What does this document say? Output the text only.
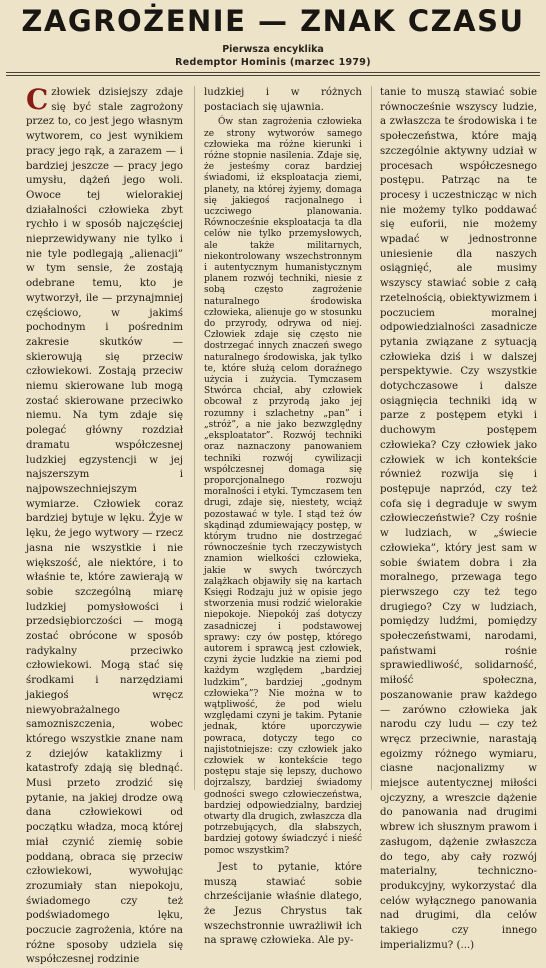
ZAGROŻENIE — ZNAK CZASU
Pierwsza encyklika
Redemptor Hominis (marzec 1979)

Człowiek dzisiejszy zdaje się być stale zagrożony przez to, co jest jego własnym wytworem, co jest wynikiem pracy jego rąk, a zarazem — i bardziej jeszcze — pracy jego umysłu, dążeń jego woli. Owoce tej wielorakiej działalności człowieka zbyt rychło i w sposób najczęściej nieprzewidywany nie tylko i nie tyle podlegają „alienacji” w tym sensie, że zostają odebrane temu, kto je wytworzył, ile — przynajmniej częściowo, w jakimś pochodnym i pośrednim zakresie skutków — skierowują się przeciw człowiekowi. Zostają przeciw niemu skierowane lub mogą zostać skierowane przeciwko niemu. Na tym zdaje się polegać główny rozdział dramatu współczesnej ludzkiej egzystencji w jej najszerszym i najpowszechniejszym wymiarze. Człowiek coraz bardziej bytuje w lęku. Żyje w lęku, że jego wytwory — rzecz jasna nie wszystkie i nie większość, ale niektóre, i to właśnie te, które zawierają w sobie szczególną miarę ludzkiej pomysłowości i przedsiębiorczości — mogą zostać obrócone w sposób radykalny przeciwko człowiekowi. Mogą stać się środkami i narzędziami jakiegoś wręcz niewyobrażalnego samozniszczenia, wobec którego wszystkie znane nam z dziejów kataklizmy i katastrofy zdają się blednąć. Musi przeto zrodzić się pytanie, na jakiej drodze ową dana człowiekowi od początku władza, mocą której miał czynić ziemię sobie poddaną, obraca się przeciw człowiekowi, wywołując zrozumiały stan niepokoju, świadomego czy też podświadomego lęku, poczucie zagrożenia, które na różne sposoby udziela się współczesnej rodzinie

ludzkiej i w różnych postaciach się ujawnia.

Ów stan zagrożenia człowieka ze strony wytworów samego człowieka ma różne kierunki i różne stopnie nasilenia. Zdaje się, że jesteśmy coraz bardziej świadomi, iż eksploatacja ziemi, planety, na której żyjemy, domaga się jakiegoś racjonalnego i uczciwego planowania. Równocześnie eksploatacja ta dla celów nie tylko przemysłowych, ale także militarnych, niekontrolowany wszechstronnym i autentycznym humanistycznym planem rozwój techniki, niesie z sobą często zagrożenie naturalnego środowiska człowieka, alienuje go w stosunku do przyrody, odrywa od niej. Człowiek zdaje się często nie dostrzegać innych znaczeń swego naturalnego środowiska, jak tylko te, które służą celom doraźnego użycia i zużycia. Tymczasem Stwórca chciał, aby człowiek obcował z przyrodą jako jej rozumny i szlachetny „pan” i „stróż”, a nie jako bezwzględny „eksploatator”. Rozwój techniki oraz naznaczony panowaniem techniki rozwój cywilizacji współczesnej domaga się proporcjonalnego rozwoju moralności i etyki. Tymczasem ten drugi, zdaje się, niestety, wciąż pozostawać w tyle. I stąd też ów skądinąd zdumiewający postęp, w którym trudno nie dostrzegać równocześnie tych rzeczywistych znamion wielkości człowieka, jakie w swych twórczych zalążkach objawiły się na kartach Księgi Rodzaju już w opisie jego stworzenia musi rodzić wielorakie niepokoje. Niepokój zaś dotyczy zasadniczej i podstawowej sprawy: czy ów postęp, którego autorem i sprawcą jest człowiek, czyni życie ludzkie na ziemi pod każdym względem „bardziej ludzkim”, bardziej „godnym człowieka”? Nie można w to wątpliwość, że pod wielu względami czyni je takim. Pytanie jednak, które uporczywie powraca, dotyczy tego co najistotniejsze: czy człowiek jako człowiek w kontekście tego postępu staje się lepszy, duchowo dojrzalszy, bardziej świadomy godności swego człowieczeństwa, bardziej odpowiedzialny, bardziej otwarty dla drugich, zwłaszcza dla potrzebujących, dla słabszych, bardziej gotowy świadczyć i nieść pomoc wszystkim?

Jest to pytanie, które muszą stawiać sobie chrześcijanie właśnie dlatego, że Jezus Chrystus tak wszechstronnie uwrażliwił ich na sprawę człowieka. Ale py-

tanie to muszą stawiać sobie równocześnie wszyscy ludzie, a zwłaszcza te środowiska i te społeczeństwa, które mają szczególnie aktywny udział w procesach współczesnego postępu. Patrząc na te procesy i uczestnicząc w nich nie możemy tylko poddawać się euforii, nie możemy wpadać w jednostronne uniesienie dla naszych osiągnięć, ale musimy wszyscy stawiać sobie z całą rzetelnością, obiektywizmem i poczuciem moralnej odpowiedzialności zasadnicze pytania związane z sytuacją człowieka dziś i w dalszej perspektywie. Czy wszystkie dotychczasowe i dalsze osiągnięcia techniki idą w parze z postępem etyki i duchowym postępem człowieka? Czy człowiek jako człowiek w ich kontekście również rozwija się i postępuje naprzód, czy też cofa się i degraduje w swym człowieczeństwie? Czy rośnie w ludziach, w „świecie człowieka”, który jest sam w sobie światem dobra i zła moralnego, przewaga tego pierwszego czy też tego drugiego? Czy w ludziach, pomiędzy ludźmi, pomiędzy społeczeństwami, narodami, państwami rośnie sprawiedliwość, solidarność, miłość społeczna, poszanowanie praw każdego — zarówno człowieka jak narodu czy ludu — czy też wręcz przeciwnie, narastają egoizmy różnego wymiaru, ciasne nacjonalizmy w miejsce autentycznej miłości ojczyzny, a wreszcie dążenie do panowania nad drugimi wbrew ich słusznym prawom i zasługom, dążenie zwłaszcza do tego, aby cały rozwój materialny, techniczno-produkcyjny, wykorzystać dla celów wyłącznego panowania nad drugimi, dla celów takiego czy innego imperializmu? (...)
